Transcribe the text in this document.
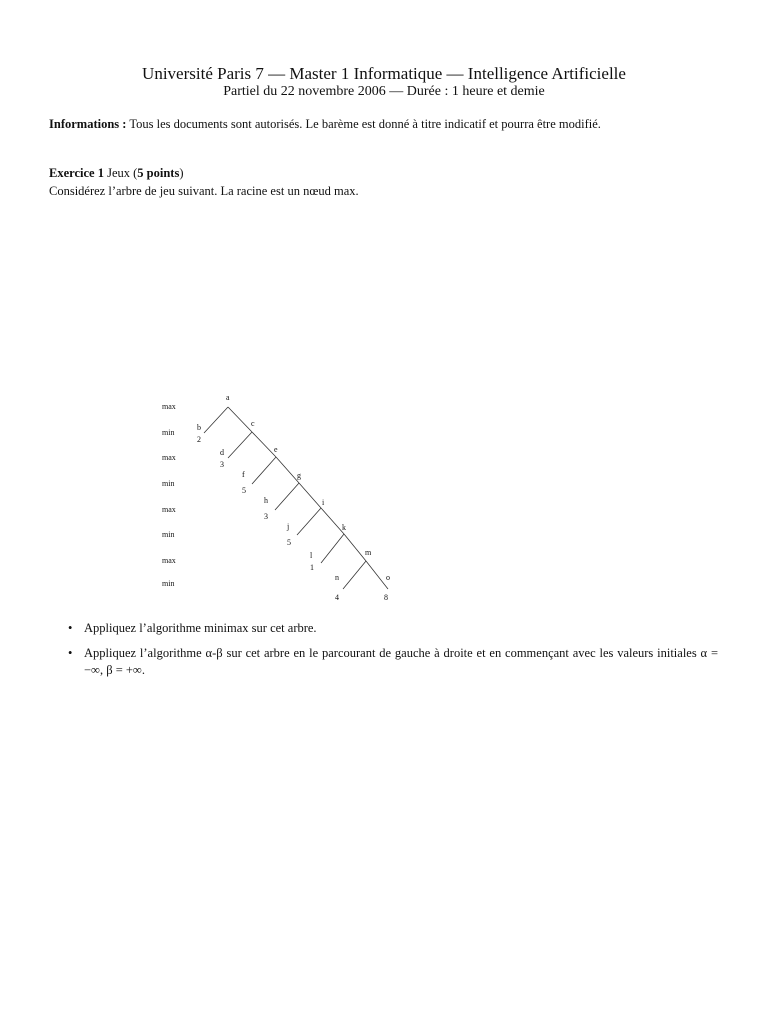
Université Paris 7 — Master 1 Informatique — Intelligence Artificielle
Partiel du 22 novembre 2006 — Durée : 1 heure et demie
Informations : Tous les documents sont autorisés. Le barème est donné à titre indicatif et pourra être modifié.
Exercice 1 Jeux (5 points)
Considérez l’arbre de jeu suivant. La racine est un nœud max.
max
min
max
min
max
min
max
min
a
b	c
d	e
f	g
h	i
j	k
l	m
n	o
2
3
5
3
5
1
4	8
• Appliquez l’algorithme minimax sur cet arbre.
• Appliquez l’algorithme α-β sur cet arbre en le parcourant de gauche à droite et en commençant avec les valeurs initiales α = −∞, β = +∞.
